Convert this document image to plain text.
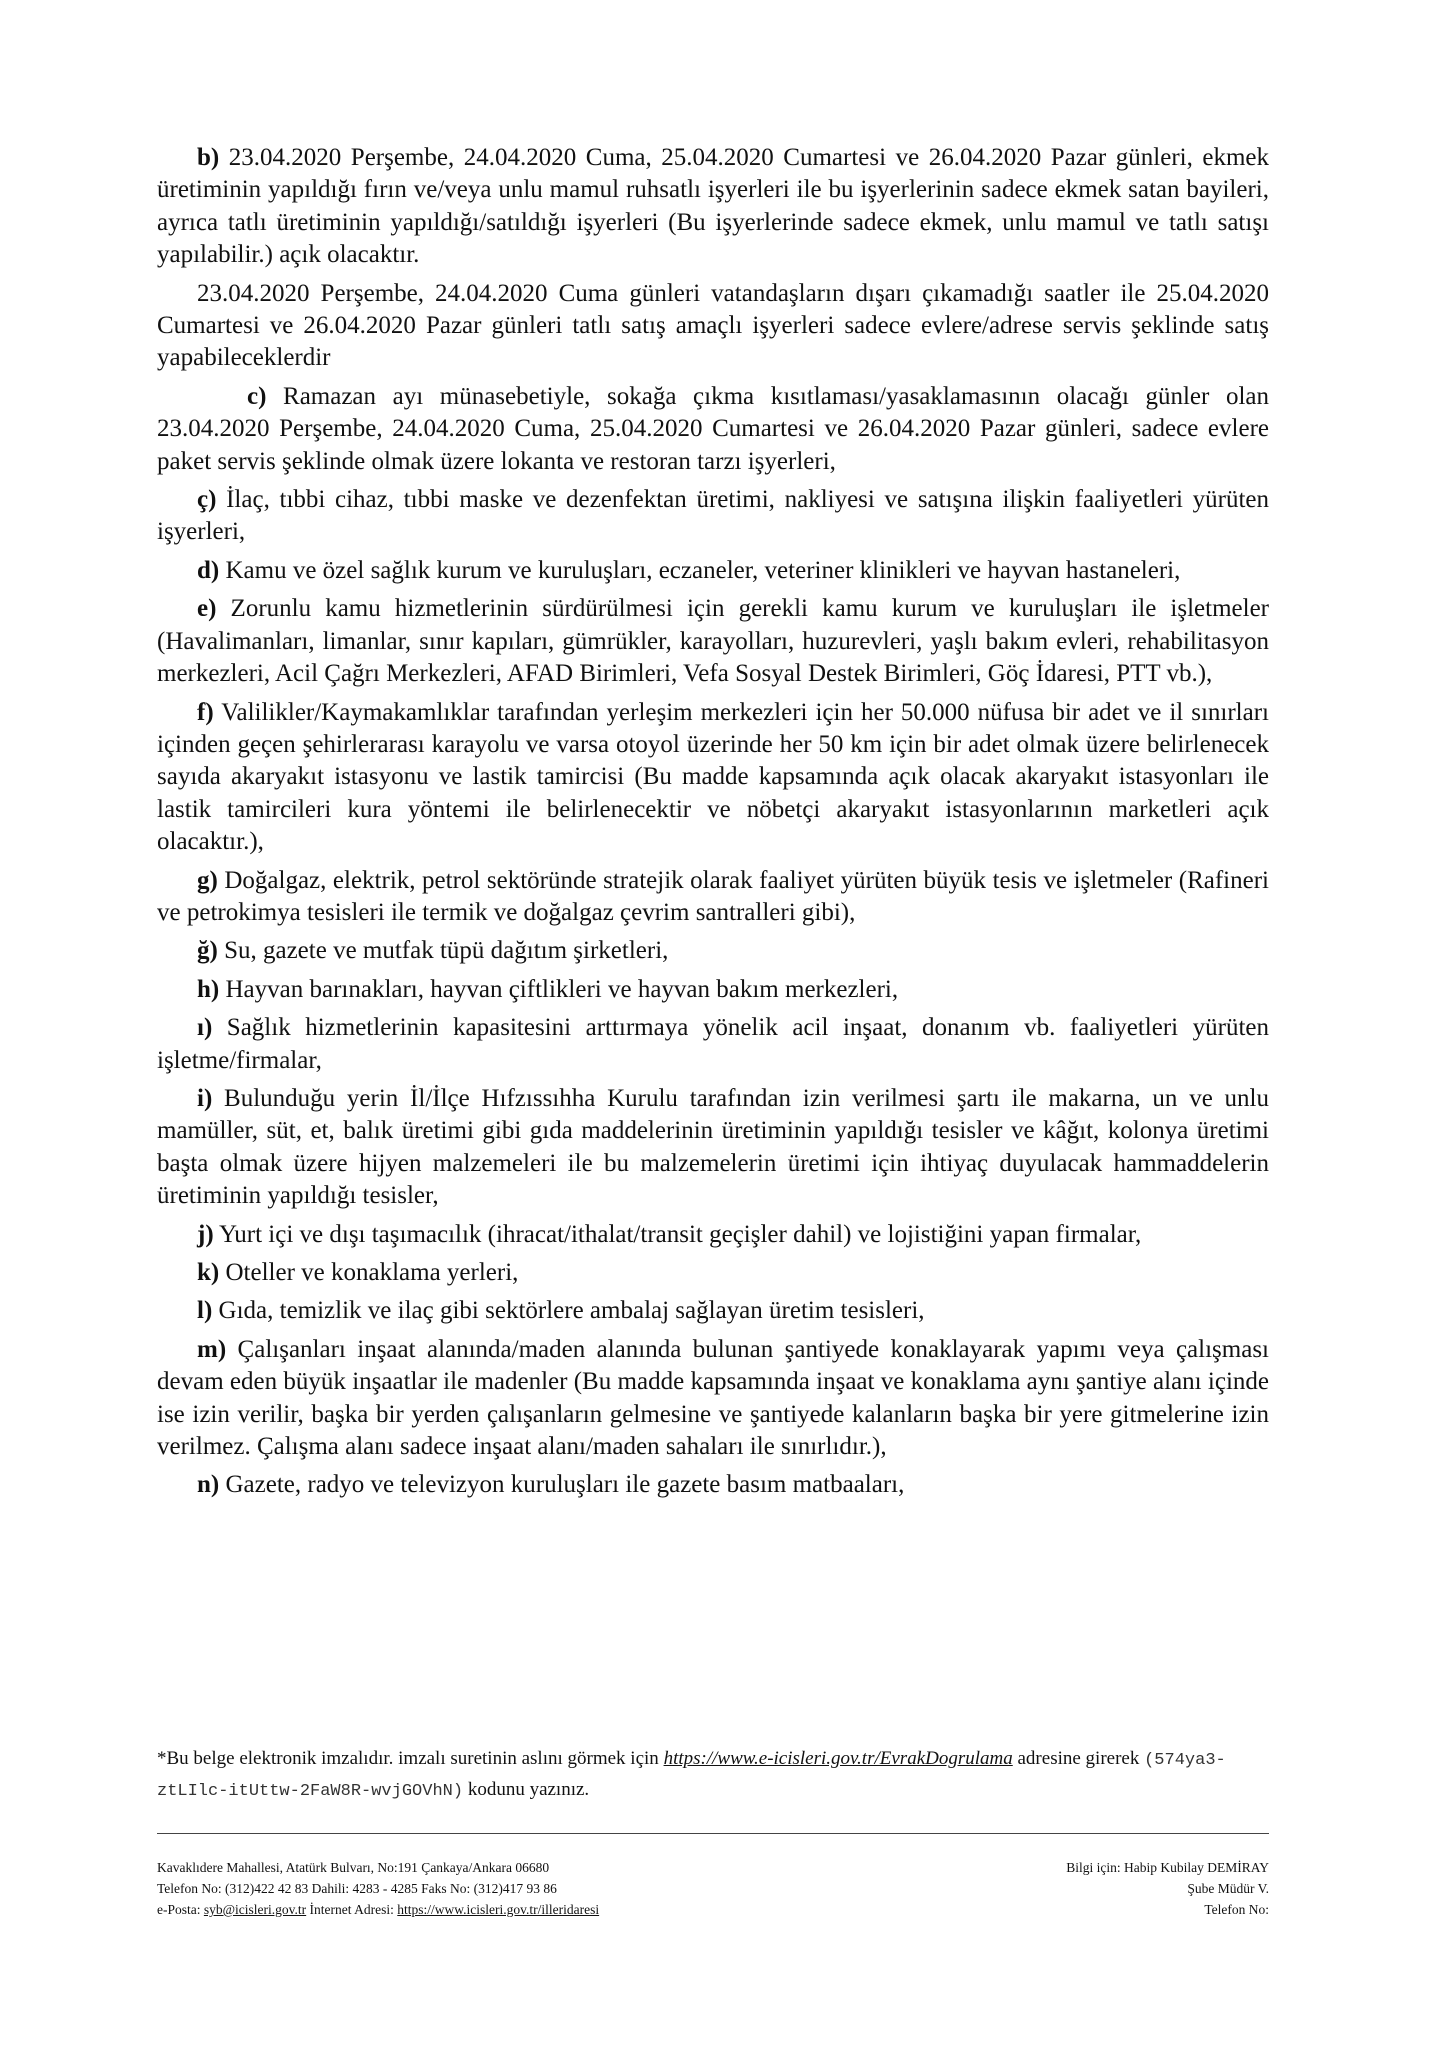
b) 23.04.2020 Perşembe, 24.04.2020 Cuma, 25.04.2020 Cumartesi ve 26.04.2020 Pazar günleri, ekmek üretiminin yapıldığı fırın ve/veya unlu mamul ruhsatlı işyerleri ile bu işyerlerinin sadece ekmek satan bayileri, ayrıca tatlı üretiminin yapıldığı/satıldığı işyerleri (Bu işyerlerinde sadece ekmek, unlu mamul ve tatlı satışı yapılabilir.) açık olacaktır.

23.04.2020 Perşembe, 24.04.2020 Cuma günleri vatandaşların dışarı çıkamadığı saatler ile 25.04.2020 Cumartesi ve 26.04.2020 Pazar günleri tatlı satış amaçlı işyerleri sadece evlere/adrese servis şeklinde satış yapabileceklerdir

c) Ramazan ayı münasebetiyle, sokağa çıkma kısıtlaması/yasaklamasının olacağı günler olan 23.04.2020 Perşembe, 24.04.2020 Cuma, 25.04.2020 Cumartesi ve 26.04.2020 Pazar günleri, sadece evlere paket servis şeklinde olmak üzere lokanta ve restoran tarzı işyerleri,

ç) İlaç, tıbbi cihaz, tıbbi maske ve dezenfektan üretimi, nakliyesi ve satışına ilişkin faaliyetleri yürüten işyerleri,

d) Kamu ve özel sağlık kurum ve kuruluşları, eczaneler, veteriner klinikleri ve hayvan hastaneleri,

e) Zorunlu kamu hizmetlerinin sürdürülmesi için gerekli kamu kurum ve kuruluşları ile işletmeler (Havalimanları, limanlar, sınır kapıları, gümrükler, karayolları, huzurevleri, yaşlı bakım evleri, rehabilitasyon merkezleri, Acil Çağrı Merkezleri, AFAD Birimleri, Vefa Sosyal Destek Birimleri, Göç İdaresi, PTT vb.),

f) Valilikler/Kaymakamlıklar tarafından yerleşim merkezleri için her 50.000 nüfusa bir adet ve il sınırları içinden geçen şehirlerarası karayolu ve varsa otoyol üzerinde her 50 km için bir adet olmak üzere belirlenecek sayıda akaryakıt istasyonu ve lastik tamircisi (Bu madde kapsamında açık olacak akaryakıt istasyonları ile lastik tamircileri kura yöntemi ile belirlenecektir ve nöbetçi akaryakıt istasyonlarının marketleri açık olacaktır.),

g) Doğalgaz, elektrik, petrol sektöründe stratejik olarak faaliyet yürüten büyük tesis ve işletmeler (Rafineri ve petrokimya tesisleri ile termik ve doğalgaz çevrim santralleri gibi),

ğ) Su, gazete ve mutfak tüpü dağıtım şirketleri,

h) Hayvan barınakları, hayvan çiftlikleri ve hayvan bakım merkezleri,

ı) Sağlık hizmetlerinin kapasitesini arttırmaya yönelik acil inşaat, donanım vb. faaliyetleri yürüten işletme/firmalar,

i) Bulunduğu yerin İl/İlçe Hıfzıssıhha Kurulu tarafından izin verilmesi şartı ile makarna, un ve unlu mamüller, süt, et, balık üretimi gibi gıda maddelerinin üretiminin yapıldığı tesisler ve kâğıt, kolonya üretimi başta olmak üzere hijyen malzemeleri ile bu malzemelerin üretimi için ihtiyaç duyulacak hammaddelerin üretiminin yapıldığı tesisler,

j) Yurt içi ve dışı taşımacılık (ihracat/ithalat/transit geçişler dahil) ve lojistiğini yapan firmalar,

k) Oteller ve konaklama yerleri,

l) Gıda, temizlik ve ilaç gibi sektörlere ambalaj sağlayan üretim tesisleri,

m) Çalışanları inşaat alanında/maden alanında bulunan şantiyede konaklayarak yapımı veya çalışması devam eden büyük inşaatlar ile madenler (Bu madde kapsamında inşaat ve konaklama aynı şantiye alanı içinde ise izin verilir, başka bir yerden çalışanların gelmesine ve şantiyede kalanların başka bir yere gitmelerine izin verilmez. Çalışma alanı sadece inşaat alanı/maden sahaları ile sınırlıdır.),

n) Gazete, radyo ve televizyon kuruluşları ile gazete basım matbaaları,

*Bu belge elektronik imzalıdır. imzalı suretinin aslını görmek için https://www.e-icisleri.gov.tr/EvrakDogrulama adresine girerek (574ya3-ztLIlc-itUttw-2FaW8R-wvjGOVhN) kodunu yazınız.
Kavaklıdere Mahallesi, Atatürk Bulvarı, No:191 Çankaya/Ankara 06680
Telefon No: (312)422 42 83 Dahili: 4283 - 4285 Faks No: (312)417 93 86
e-Posta: syb@icisleri.gov.tr İnternet Adresi: https://www.icisleri.gov.tr/illeridaresi
Bilgi için: Habip Kubilay DEMİRAY
Şube Müdür V.
Telefon No:
